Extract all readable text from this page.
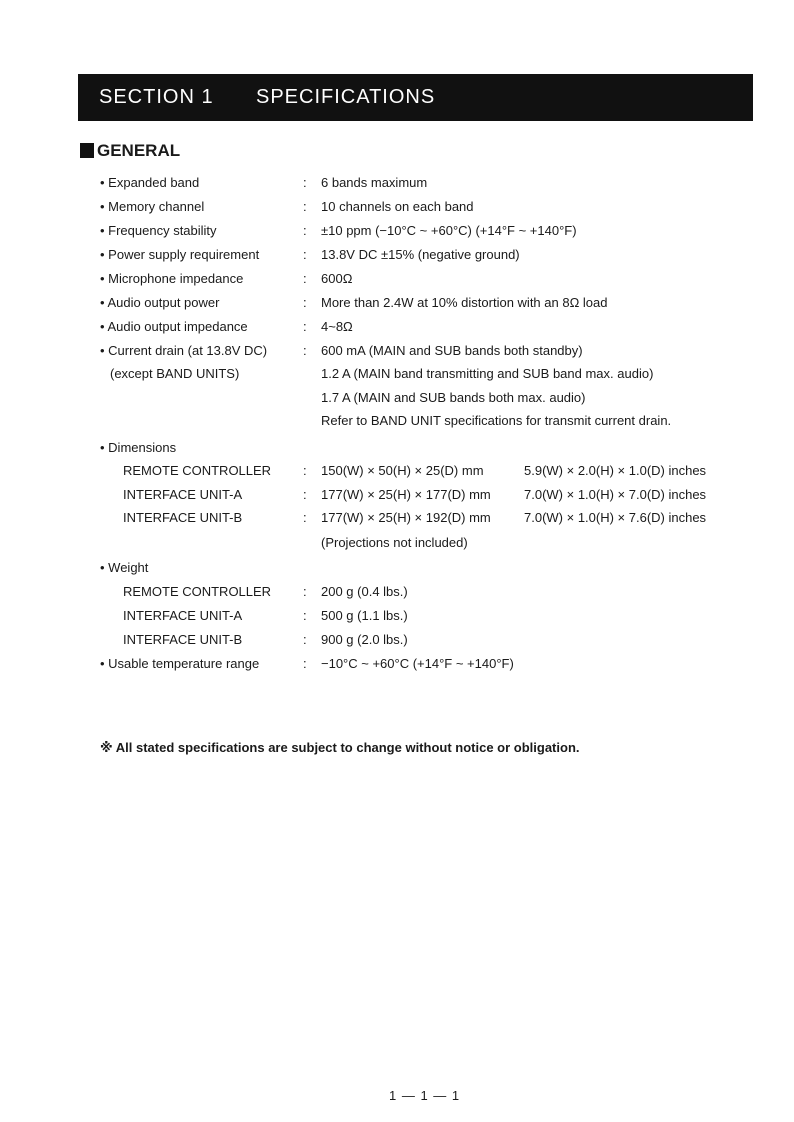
SECTION 1 SPECIFICATIONS
GENERAL
• Expanded band	: 6 bands maximum
• Memory channel	: 10 channels on each band
• Frequency stability	: ±10 ppm (−10°C ~ +60°C) (+14°F ~ +140°F)
• Power supply requirement	: 13.8V DC ±15% (negative ground)
• Microphone impedance	: 600Ω
• Audio output power	: More than 2.4W at 10% distortion with an 8Ω load
• Audio output impedance	: 4~8Ω
• Current drain (at 13.8V DC)	: 600 mA (MAIN and SUB bands both standby)
(except BAND UNITS)	1.2 A (MAIN band transmitting and SUB band max. audio)
1.7 A (MAIN and SUB bands both max. audio)
Refer to BAND UNIT specifications for transmit current drain.
• Dimensions
REMOTE CONTROLLER : 150(W) × 50(H) × 25(D) mm	5.9(W) × 2.0(H) × 1.0(D) inches
INTERFACE UNIT-A	: 177(W) × 25(H) × 177(D) mm	7.0(W) × 1.0(H) × 7.0(D) inches
INTERFACE UNIT-B	: 177(W) × 25(H) × 192(D) mm	7.0(W) × 1.0(H) × 7.6(D) inches
(Projections not included)
• Weight
REMOTE CONTROLLER : 200 g (0.4 lbs.)
INTERFACE UNIT-A	: 500 g (1.1 lbs.)
INTERFACE UNIT-B	: 900 g (2.0 lbs.)
• Usable temperature range	: −10°C ~ +60°C (+14°F ~ +140°F)
※ All stated specifications are subject to change without notice or obligation.
1 — 1 — 1
